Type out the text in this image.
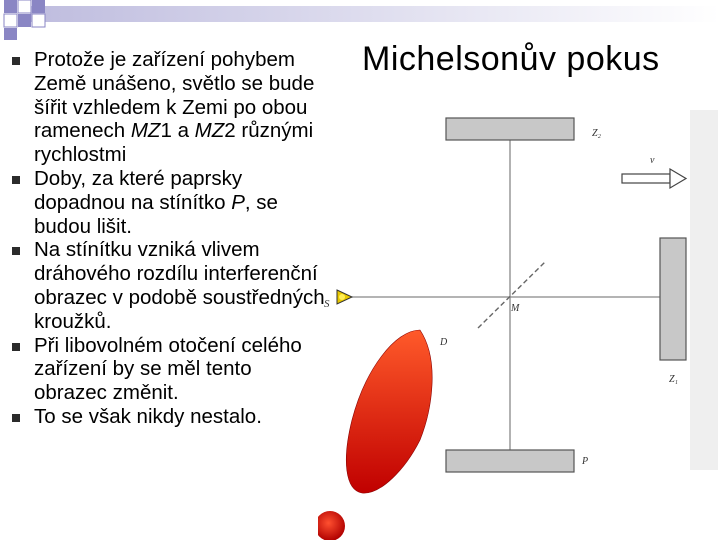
Protože je zařízení pohybem Země unášeno, světlo se bude šířit vzhledem k Zemi po obou ramenech MZ1 a MZ2 různými rychlostmi
Doby, za které paprsky dopadnou na stínítko P, se budou lišit.
Na stínítku vzniká vlivem dráhového rozdílu interferenční obrazec v podobě soustředných kroužků.
Při libovolném otočení celého zařízení by se měl tento obrazec změnit.
To se však nikdy nestalo.
Michelsonův pokus
Z₂
v
S	M
D
Z₁
P
